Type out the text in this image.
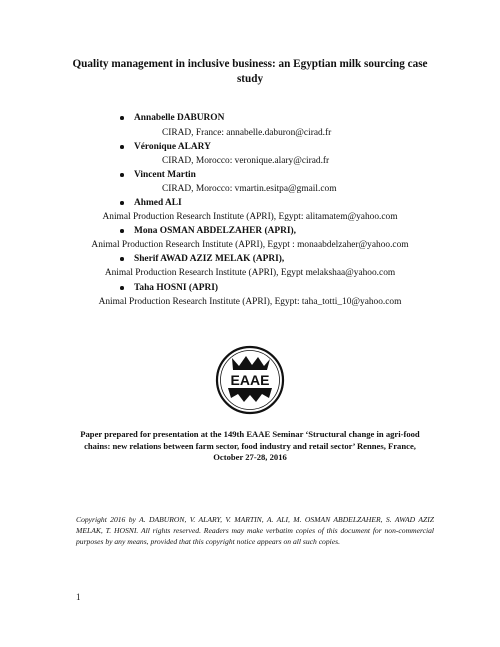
Quality management in inclusive business: an Egyptian milk sourcing case study
Annabelle DABURON
CIRAD, France: annabelle.daburon@cirad.fr
Véronique ALARY
CIRAD, Morocco: veronique.alary@cirad.fr
Vincent Martin
CIRAD, Morocco: vmartin.esitpa@gmail.com
Ahmed ALI
Animal Production Research Institute (APRI), Egypt: alitamatem@yahoo.com
Mona OSMAN ABDELZAHER (APRI),
Animal Production Research Institute (APRI), Egypt : monaabdelzaher@yahoo.com
Sherif AWAD AZIZ MELAK (APRI),
Animal Production Research Institute (APRI), Egypt melakshaa@yahoo.com
Taha HOSNI (APRI)
Animal Production Research Institute (APRI), Egypt: taha_totti_10@yahoo.com
EAAE
Paper prepared for presentation at the 149th EAAE Seminar ‘Structural change in agri-food chains: new relations between farm sector, food industry and retail sector’ Rennes, France, October 27-28, 2016
Copyright 2016 by A. DABURON, V. ALARY, V. MARTIN, A. ALI, M. OSMAN ABDELZAHER, S. AWAD AZIZ MELAK, T. HOSNI. All rights reserved. Readers may make verbatim copies of this document for non-commercial purposes by any means, provided that this copyright notice appears on all such copies.
1
